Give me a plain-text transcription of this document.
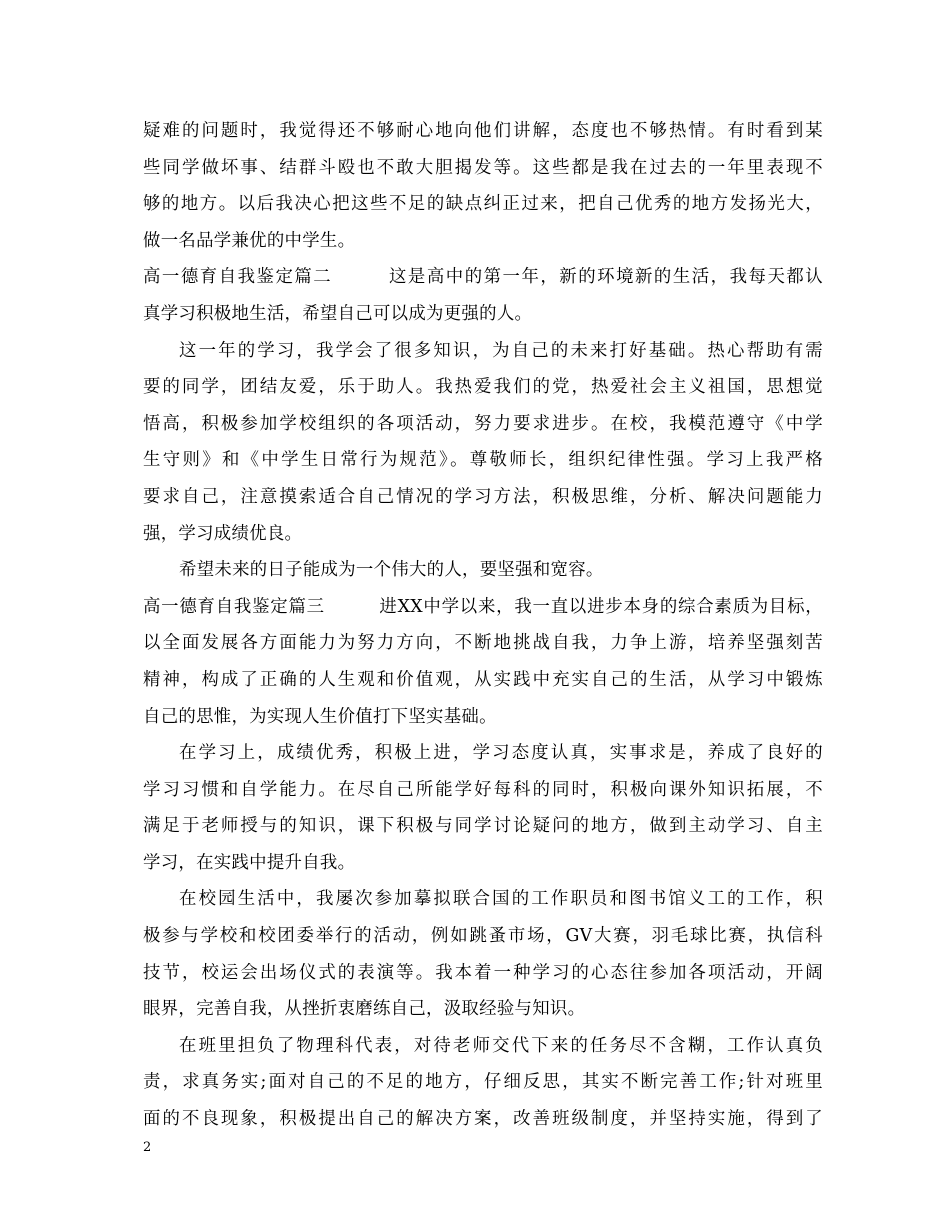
疑难的问题时，我觉得还不够耐心地向他们讲解，态度也不够热情。有时看到某
些同学做坏事、结群斗殴也不敢大胆揭发等。这些都是我在过去的一年里表现不
够的地方。以后我决心把这些不足的缺点纠正过来，把自己优秀的地方发扬光大，
做一名品学兼优的中学生。
高一德育自我鉴定篇二　　　这是高中的第一年，新的环境新的生活，我每天都认
真学习积极地生活，希望自己可以成为更强的人。
这一年的学习，我学会了很多知识，为自己的未来打好基础。热心帮助有需
要的同学，团结友爱，乐于助人。我热爱我们的党，热爱社会主义祖国，思想觉
悟高，积极参加学校组织的各项活动，努力要求进步。在校，我模范遵守《中学
生守则》和《中学生日常行为规范》。尊敬师长，组织纪律性强。学习上我严格
要求自己，注意摸索适合自己情况的学习方法，积极思维，分析、解决问题能力
强，学习成绩优良。
希望未来的日子能成为一个伟大的人，要坚强和宽容。
高一德育自我鉴定篇三　　　进XX中学以来，我一直以进步本身的综合素质为目标，
以全面发展各方面能力为努力方向，不断地挑战自我，力争上游，培养坚强刻苦
精神，构成了正确的人生观和价值观，从实践中充实自己的生活，从学习中锻炼
自己的思惟，为实现人生价值打下坚实基础。
在学习上，成绩优秀，积极上进，学习态度认真，实事求是，养成了良好的
学习习惯和自学能力。在尽自己所能学好每科的同时，积极向课外知识拓展，不
满足于老师授与的知识，课下积极与同学讨论疑问的地方，做到主动学习、自主
学习，在实践中提升自我。
在校园生活中，我屡次参加摹拟联合国的工作职员和图书馆义工的工作，积
极参与学校和校团委举行的活动，例如跳蚤市场，GV大赛，羽毛球比赛，执信科
技节，校运会出场仪式的表演等。我本着一种学习的心态往参加各项活动，开阔
眼界，完善自我，从挫折衷磨练自己，汲取经验与知识。
在班里担负了物理科代表，对待老师交代下来的任务尽不含糊，工作认真负
责，求真务实;面对自己的不足的地方，仔细反思，其实不断完善工作;针对班里
面的不良现象，积极提出自己的解决方案，改善班级制度，并坚持实施，得到了
2
